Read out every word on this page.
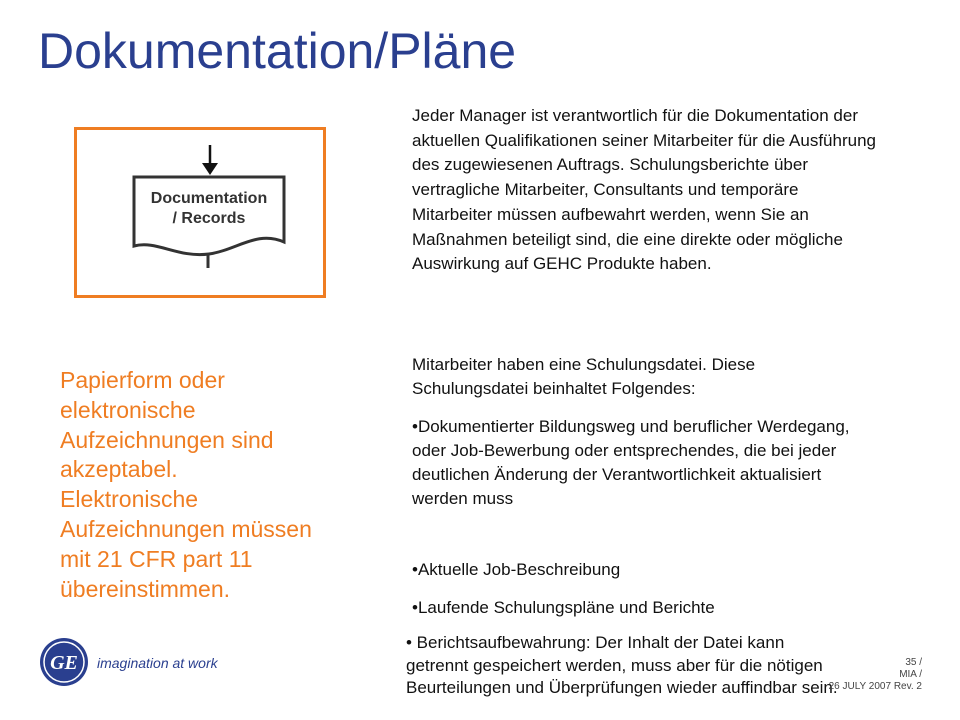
Dokumentation/Pläne
Documentation
/ Records
Jeder Manager ist verantwortlich für die Dokumentation der aktuellen Qualifikationen seiner Mitarbeiter für die Ausführung des zugewiesenen Auftrags. Schulungsberichte über vertragliche Mitarbeiter, Consultants und temporäre Mitarbeiter müssen aufbewahrt werden, wenn Sie an Maßnahmen beteiligt sind, die eine direkte oder mögliche Auswirkung auf GEHC Produkte haben.
Papierform oder elektronische Aufzeichnungen sind akzeptabel. Elektronische Aufzeichnungen müssen mit 21 CFR part 11 übereinstimmen.
Mitarbeiter haben eine Schulungsdatei. Diese Schulungsdatei beinhaltet Folgendes:
•Dokumentierter Bildungsweg und beruflicher Werdegang, oder Job-Bewerbung oder entsprechendes, die bei jeder deutlichen Änderung der Verantwortlichkeit aktualisiert werden muss
•Aktuelle Job-Beschreibung
•Laufende Schulungspläne und Berichte
• Berichtsaufbewahrung: Der Inhalt der Datei kann getrennt gespeichert werden, muss aber für die nötigen Beurteilungen und Überprüfungen wieder auffindbar sein.
GE imagination at work	35 /
MIA /
26 JULY 2007 Rev. 2
